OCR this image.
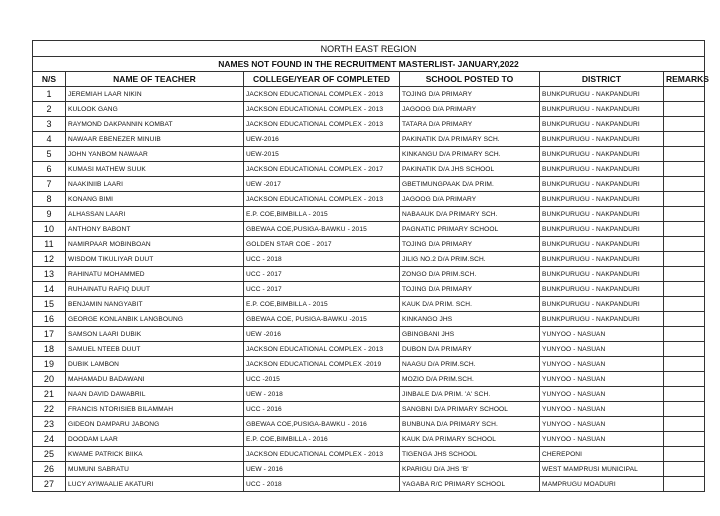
NORTH EAST REGION					
NAMES NOT FOUND IN THE RECRUITMENT MASTERLIST- JANUARY,2022					
N/S	NAME OF TEACHER	COLLEGE/YEAR OF COMPLETED	SCHOOL POSTED TO	DISTRICT	REMARKS
1	JEREMIAH LAAR NIKIN	JACKSON EDUCATIONAL COMPLEX - 2013	TOJING D/A PRIMARY	BUNKPURUGU - NAKPANDURI	
2	KULOOK GANG	JACKSON EDUCATIONAL COMPLEX - 2013	JAGOOG D/A PRIMARY	BUNKPURUGU - NAKPANDURI	
3	RAYMOND DAKPANNIN KOMBAT	JACKSON EDUCATIONAL COMPLEX - 2013	TATARA D/A PRIMARY	BUNKPURUGU - NAKPANDURI	
4	NAWAAR EBENEZER MINUIB	UEW-2016	PAKINATIK D/A PRIMARY SCH.	BUNKPURUGU - NAKPANDURI	
5	JOHN YANBOM NAWAAR	UEW-2015	KINKANGU D/A PRIMARY SCH.	BUNKPURUGU - NAKPANDURI	
6	KUMASI MATHEW SUUK	JACKSON EDUCATIONAL COMPLEX - 2017	PAKINATIK D/A JHS SCHOOL	BUNKPURUGU - NAKPANDURI	
7	NAAKINIIB LAARI	UEW -2017	GBETIMUNGPAAK D/A PRIM.	BUNKPURUGU - NAKPANDURI	
8	KONANG BIMI	JACKSON EDUCATIONAL COMPLEX - 2013	JAGOOG D/A PRIMARY	BUNKPURUGU - NAKPANDURI	
9	ALHASSAN LAARI	E.P. COE,BIMBILLA - 2015	NABAAUK D/A PRIMARY SCH.	BUNKPURUGU - NAKPANDURI	
10	ANTHONY BABONT	GBEWAA COE,PUSIGA-BAWKU - 2015	PAGNATIC PRIMARY SCHOOL	BUNKPURUGU - NAKPANDURI	
11	NAMIRPAAR MOBINBOAN	GOLDEN STAR COE - 2017	TOJING D/A PRIMARY	BUNKPURUGU - NAKPANDURI	
12	WISDOM TIKULIYAR DUUT	UCC - 2018	JILIG NO.2 D/A PRIM.SCH.	BUNKPURUGU - NAKPANDURI	
13	RAHINATU MOHAMMED	UCC - 2017	ZONGO D/A PRIM.SCH.	BUNKPURUGU - NAKPANDURI	
14	RUHAINATU RAFIQ DUUT	UCC - 2017	TOJING D/A PRIMARY	BUNKPURUGU - NAKPANDURI	
15	BENJAMIN NANGYABIT	E.P. COE,BIMBILLA - 2015	KAUK D/A PRIM. SCH.	BUNKPURUGU - NAKPANDURI	
16	GEORGE KONLANBIK LANGBOUNG	GBEWAA COE, PUSIGA-BAWKU -2015	KINKANGO JHS	BUNKPURUGU - NAKPANDURI	
17	SAMSON LAARI DUBIK	UEW -2016	GBINGBANI JHS	YUNYOO - NASUAN	
18	SAMUEL NTEEB DUUT	JACKSON EDUCATIONAL COMPLEX - 2013	DUBON D/A PRIMARY	YUNYOO - NASUAN	
19	DUBIK LAMBON	JACKSON EDUCATIONAL COMPLEX -2019	NAAGU D/A PRIM.SCH.	YUNYOO - NASUAN	
20	MAHAMADU BADAWANI	UCC -2015	MOZIO D/A PRIM.SCH.	YUNYOO - NASUAN	
21	NAAN DAVID DAWABRIL	UEW - 2018	JINBALE D/A PRIM. 'A' SCH.	YUNYOO - NASUAN	
22	FRANCIS NTORISIEB BILAMMAH	UCC - 2016	SANGBNI D/A PRIMARY SCHOOL	YUNYOO - NASUAN	
23	GIDEON DAMPARU JABONG	GBEWAA COE,PUSIGA-BAWKU - 2016	BUNBUNA D/A PRIMARY SCH.	YUNYOO - NASUAN	
24	DOODAM LAAR	E.P. COE,BIMBILLA - 2016	KAUK D/A PRIMARY SCHOOL	YUNYOO - NASUAN	
25	KWAME PATRICK BIIKA	JACKSON EDUCATIONAL COMPLEX - 2013	TIGENGA JHS SCHOOL	CHEREPONI	
26	MUMUNI SABRATU	UEW - 2016	KPARIGU D/A JHS 'B'	WEST MAMPRUSI MUNICIPAL	
27	LUCY AYIWAALIE AKATURI	UCC - 2018	YAGABA R/C PRIMARY SCHOOL	MAMPRUGU MOADURI	
